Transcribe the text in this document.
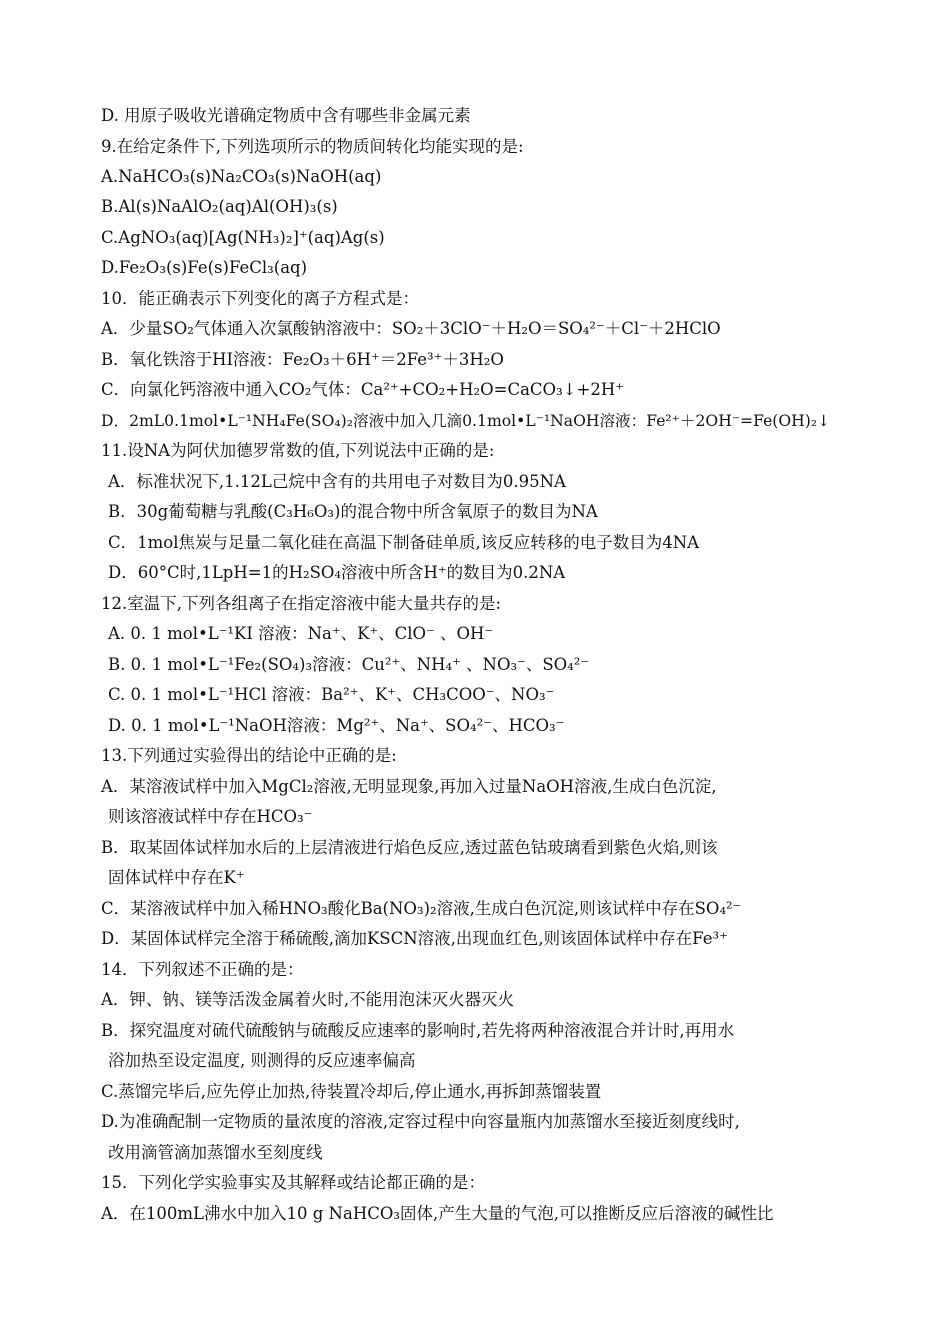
D. 用原子吸收光谱确定物质中含有哪些非金属元素
9.在给定条件下,下列选项所示的物质间转化均能实现的是:
A.NaHCO₃(s)Na₂CO₃(s)NaOH(aq)
B.Al(s)NaAlO₂(aq)Al(OH)₃(s)
C.AgNO₃(aq)[Ag(NH₃)₂]⁺(aq)Ag(s)
D.Fe₂O₃(s)Fe(s)FeCl₃(aq)
10．能正确表示下列变化的离子方程式是：
A．少量SO₂气体通入次氯酸钠溶液中：SO₂＋3ClO⁻＋H₂O＝SO₄²⁻＋Cl⁻＋2HClO
B．氧化铁溶于HI溶液：Fe₂O₃＋6H⁺＝2Fe³⁺＋3H₂O
C．向氯化钙溶液中通入CO₂气体：Ca²⁺+CO₂+H₂O=CaCO₃↓+2H⁺
D．2mL0.1mol•L⁻¹NH₄Fe(SO₄)₂溶液中加入几滴0.1mol•L⁻¹NaOH溶液：Fe²⁺＋2OH⁻=Fe(OH)₂↓
11.设NA为阿伏加德罗常数的值,下列说法中正确的是:
A．标准状况下,1.12L己烷中含有的共用电子对数目为0.95NA
B．30g葡萄糖与乳酸(C₃H₆O₃)的混合物中所含氧原子的数目为NA
C．1mol焦炭与足量二氧化硅在高温下制备硅单质,该反应转移的电子数目为4NA
D．60°C时,1LpH=1的H₂SO₄溶液中所含H⁺的数目为0.2NA
12.室温下,下列各组离子在指定溶液中能大量共存的是:
A. 0. 1 mol•L⁻¹KI 溶液：Na⁺、K⁺、ClO⁻ 、OH⁻
B. 0. 1 mol•L⁻¹Fe₂(SO₄)₃溶液：Cu²⁺、NH₄⁺ 、NO₃⁻、SO₄²⁻
C. 0. 1 mol•L⁻¹HCl 溶液：Ba²⁺、K⁺、CH₃COO⁻、NO₃⁻
D. 0. 1 mol•L⁻¹NaOH溶液：Mg²⁺、Na⁺、SO₄²⁻、HCO₃⁻
13.下列通过实验得出的结论中正确的是:
A．某溶液试样中加入MgCl₂溶液,无明显现象,再加入过量NaOH溶液,生成白色沉淀,
则该溶液试样中存在HCO₃⁻
B．取某固体试样加水后的上层清液进行焰色反应,透过蓝色钴玻璃看到紫色火焰,则该
固体试样中存在K⁺
C．某溶液试样中加入稀HNO₃酸化Ba(NO₃)₂溶液,生成白色沉淀,则该试样中存在SO₄²⁻
D．某固体试样完全溶于稀硫酸,滴加KSCN溶液,出现血红色,则该固体试样中存在Fe³⁺
14．下列叙述不正确的是：
A．钾、钠、镁等活泼金属着火时,不能用泡沫灭火器灭火
B．探究温度对硫代硫酸钠与硫酸反应速率的影响时,若先将两种溶液混合并计时,再用水
浴加热至设定温度, 则测得的反应速率偏高
C.蒸馏完毕后,应先停止加热,待装置冷却后,停止通水,再拆卸蒸馏装置
D.为准确配制一定物质的量浓度的溶液,定容过程中向容量瓶内加蒸馏水至接近刻度线时,
改用滴管滴加蒸馏水至刻度线
15．下列化学实验事实及其解释或结论都正确的是：
A．在100mL沸水中加入10 g NaHCO₃固体,产生大量的气泡,可以推断反应后溶液的碱性比
